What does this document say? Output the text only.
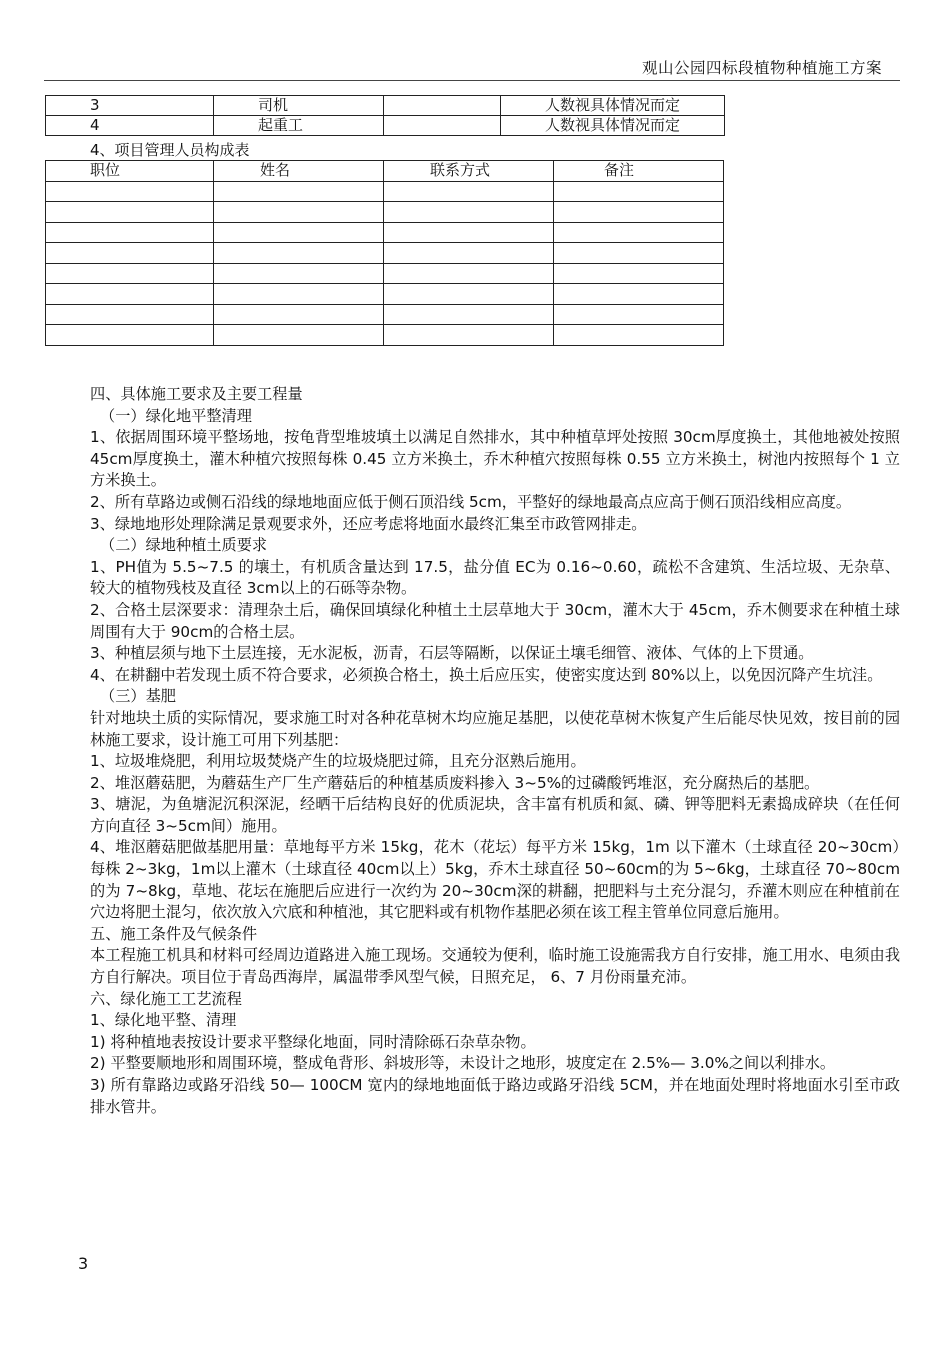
观山公园四标段植物种植施工方案
3	司机		人数视具体情况而定
4	起重工		人数视具体情况而定
4、项目管理人员构成表
职位	姓名	联系方式	备注

四、具体施工要求及主要工程量

（一）绿化地平整清理

1、依据周围环境平整场地，按龟背型堆坡填土以满足自然排水，其中种植草坪处按照 30cm厚度换土，其他地被处按照 45cm厚度换土，灌木种植穴按照每株 0.45 立方米换土，乔木种植穴按照每株 0.55 立方米换土，树池内按照每个 1 立方米换土。

2、所有草路边或侧石沿线的绿地地面应低于侧石顶沿线 5cm，平整好的绿地最高点应高于侧石顶沿线相应高度。

3、绿地地形处理除满足景观要求外，还应考虑将地面水最终汇集至市政管网排走。

（二）绿地种植土质要求

1、PH值为 5.5~7.5 的壤土，有机质含量达到 17.5，盐分值 EC为 0.16~0.60，疏松不含建筑、生活垃圾、无杂草、较大的植物残枝及直径 3cm以上的石砾等杂物。

2、合格土层深要求：清理杂土后，确保回填绿化种植土土层草地大于 30cm，灌木大于 45cm，乔木侧要求在种植土球周围有大于 90cm的合格土层。

3、种植层须与地下土层连接，无水泥板，沥青，石层等隔断，以保证土壤毛细管、液体、气体的上下贯通。

4、在耕翻中若发现土质不符合要求，必须换合格土，换土后应压实，使密实度达到 80%以上，以免因沉降产生坑洼。

（三）基肥

针对地块土质的实际情况，要求施工时对各种花草树木均应施足基肥，以使花草树木恢复产生后能尽快见效，按目前的园林施工要求，设计施工可用下列基肥：

1、垃圾堆烧肥，利用垃圾焚烧产生的垃圾烧肥过筛，且充分沤熟后施用。

2、堆沤蘑菇肥，为蘑菇生产厂生产蘑菇后的种植基质废料掺入 3~5%的过磷酸钙堆沤，充分腐热后的基肥。

3、塘泥，为鱼塘泥沉积深泥，经晒干后结构良好的优质泥块，含丰富有机质和氮、磷、钾等肥料无素捣成碎块（在任何方向直径 3~5cm间）施用。

4、堆沤蘑菇肥做基肥用量：草地每平方米 15kg，花木（花坛）每平方米 15kg，1m 以下灌木（土球直径 20~30cm）每株 2~3kg，1m以上灌木（土球直径 40cm以上）5kg，乔木土球直径 50~60cm的为 5~6kg，土球直径 70~80cm的为 7~8kg，草地、花坛在施肥后应进行一次约为 20~30cm深的耕翻，把肥料与土充分混匀，乔灌木则应在种植前在穴边将肥土混匀，依次放入穴底和种植池，其它肥料或有机物作基肥必须在该工程主管单位同意后施用。

五、施工条件及气候条件

本工程施工机具和材料可经周边道路进入施工现场。交通较为便利，临时施工设施需我方自行安排，施工用水、电须由我方自行解决。项目位于青岛西海岸，属温带季风型气候，日照充足， 6、7 月份雨量充沛。

六、绿化施工工艺流程

1、绿化地平整、清理

1) 将种植地表按设计要求平整绿化地面，同时清除砾石杂草杂物。

2) 平整要顺地形和周围环境，整成龟背形、斜坡形等，未设计之地形，坡度定在 2.5%— 3.0%之间以利排水。

3) 所有靠路边或路牙沿线 50— 100CM 宽内的绿地地面低于路边或路牙沿线 5CM，并在地面处理时将地面水引至市政排水管井。

3
